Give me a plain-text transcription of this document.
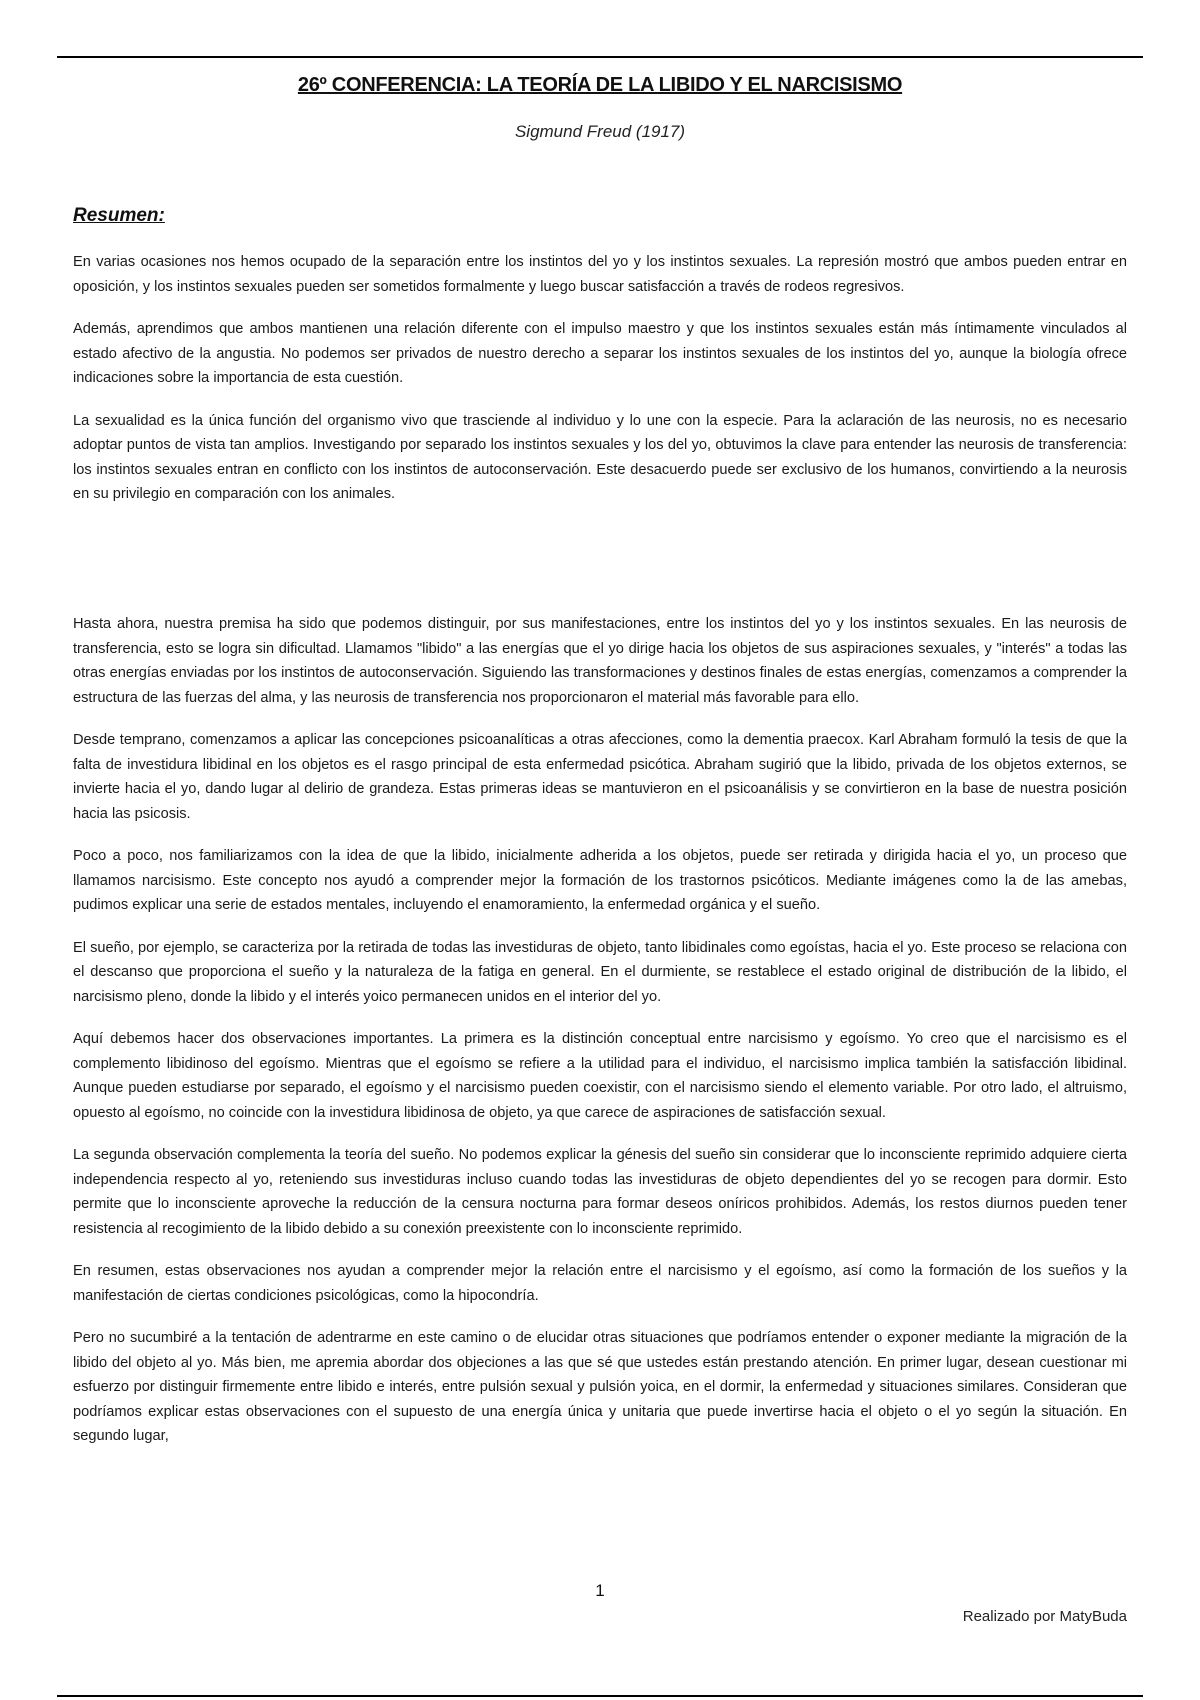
26º CONFERENCIA: LA TEORÍA DE LA LIBIDO Y EL NARCISISMO
Sigmund Freud (1917)
Resumen:

En varias ocasiones nos hemos ocupado de la separación entre los instintos del yo y los instintos sexuales. La represión mostró que ambos pueden entrar en oposición, y los instintos sexuales pueden ser sometidos formalmente y luego buscar satisfacción a través de rodeos regresivos.

Además, aprendimos que ambos mantienen una relación diferente con el impulso maestro y que los instintos sexuales están más íntimamente vinculados al estado afectivo de la angustia. No podemos ser privados de nuestro derecho a separar los instintos sexuales de los instintos del yo, aunque la biología ofrece indicaciones sobre la importancia de esta cuestión.

La sexualidad es la única función del organismo vivo que trasciende al individuo y lo une con la especie. Para la aclaración de las neurosis, no es necesario adoptar puntos de vista tan amplios. Investigando por separado los instintos sexuales y los del yo, obtuvimos la clave para entender las neurosis de transferencia: los instintos sexuales entran en conflicto con los instintos de autoconservación. Este desacuerdo puede ser exclusivo de los humanos, convirtiendo a la neurosis en su privilegio en comparación con los animales.

Hasta ahora, nuestra premisa ha sido que podemos distinguir, por sus manifestaciones, entre los instintos del yo y los instintos sexuales. En las neurosis de transferencia, esto se logra sin dificultad. Llamamos "libido" a las energías que el yo dirige hacia los objetos de sus aspiraciones sexuales, y "interés" a todas las otras energías enviadas por los instintos de autoconservación. Siguiendo las transformaciones y destinos finales de estas energías, comenzamos a comprender la estructura de las fuerzas del alma, y las neurosis de transferencia nos proporcionaron el material más favorable para ello.

Desde temprano, comenzamos a aplicar las concepciones psicoanalíticas a otras afecciones, como la dementia praecox. Karl Abraham formuló la tesis de que la falta de investidura libidinal en los objetos es el rasgo principal de esta enfermedad psicótica. Abraham sugirió que la libido, privada de los objetos externos, se invierte hacia el yo, dando lugar al delirio de grandeza. Estas primeras ideas se mantuvieron en el psicoanálisis y se convirtieron en la base de nuestra posición hacia las psicosis.

Poco a poco, nos familiarizamos con la idea de que la libido, inicialmente adherida a los objetos, puede ser retirada y dirigida hacia el yo, un proceso que llamamos narcisismo. Este concepto nos ayudó a comprender mejor la formación de los trastornos psicóticos. Mediante imágenes como la de las amebas, pudimos explicar una serie de estados mentales, incluyendo el enamoramiento, la enfermedad orgánica y el sueño.

El sueño, por ejemplo, se caracteriza por la retirada de todas las investiduras de objeto, tanto libidinales como egoístas, hacia el yo. Este proceso se relaciona con el descanso que proporciona el sueño y la naturaleza de la fatiga en general. En el durmiente, se restablece el estado original de distribución de la libido, el narcisismo pleno, donde la libido y el interés yoico permanecen unidos en el interior del yo.

Aquí debemos hacer dos observaciones importantes. La primera es la distinción conceptual entre narcisismo y egoísmo. Yo creo que el narcisismo es el complemento libidinoso del egoísmo. Mientras que el egoísmo se refiere a la utilidad para el individuo, el narcisismo implica también la satisfacción libidinal. Aunque pueden estudiarse por separado, el egoísmo y el narcisismo pueden coexistir, con el narcisismo siendo el elemento variable. Por otro lado, el altruismo, opuesto al egoísmo, no coincide con la investidura libidinosa de objeto, ya que carece de aspiraciones de satisfacción sexual.

La segunda observación complementa la teoría del sueño. No podemos explicar la génesis del sueño sin considerar que lo inconsciente reprimido adquiere cierta independencia respecto al yo, reteniendo sus investiduras incluso cuando todas las investiduras de objeto dependientes del yo se recogen para dormir. Esto permite que lo inconsciente aproveche la reducción de la censura nocturna para formar deseos oníricos prohibidos. Además, los restos diurnos pueden tener resistencia al recogimiento de la libido debido a su conexión preexistente con lo inconsciente reprimido.

En resumen, estas observaciones nos ayudan a comprender mejor la relación entre el narcisismo y el egoísmo, así como la formación de los sueños y la manifestación de ciertas condiciones psicológicas, como la hipocondría.

Pero no sucumbiré a la tentación de adentrarme en este camino o de elucidar otras situaciones que podríamos entender o exponer mediante la migración de la libido del objeto al yo. Más bien, me apremia abordar dos objeciones a las que sé que ustedes están prestando atención. En primer lugar, desean cuestionar mi esfuerzo por distinguir firmemente entre libido e interés, entre pulsión sexual y pulsión yoica, en el dormir, la enfermedad y situaciones similares. Consideran que podríamos explicar estas observaciones con el supuesto de una energía única y unitaria que puede invertirse hacia el objeto o el yo según la situación. En segundo lugar,

1
Realizado por MatyBuda
